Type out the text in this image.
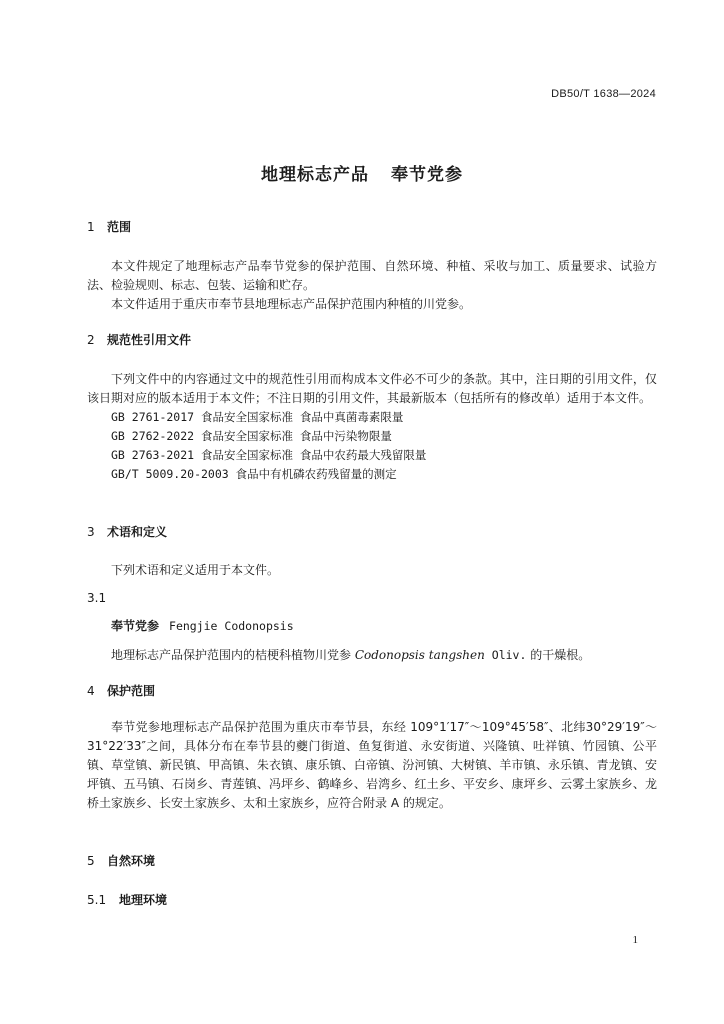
DB50/T 1638—2024
地理标志产品 奉节党参
1 范围
本文件规定了地理标志产品奉节党参的保护范围、自然环境、种植、采收与加工、质量要求、试验方法、检验规则、标志、包装、运输和贮存。
本文件适用于重庆市奉节县地理标志产品保护范围内种植的川党参。
2 规范性引用文件
下列文件中的内容通过文中的规范性引用而构成本文件必不可少的条款。其中，注日期的引用文件，仅该日期对应的版本适用于本文件；不注日期的引用文件，其最新版本（包括所有的修改单）适用于本文件。
GB 2761-2017 食品安全国家标准 食品中真菌毒素限量
GB 2762-2022 食品安全国家标准 食品中污染物限量
GB 2763-2021 食品安全国家标准 食品中农药最大残留限量
GB/T 5009.20-2003 食品中有机磷农药残留量的测定
3 术语和定义
下列术语和定义适用于本文件。
3.1
奉节党参 Fengjie Codonopsis
地理标志产品保护范围内的桔梗科植物川党参 Codonopsis tangshen Oliv. 的干燥根。
4 保护范围
奉节党参地理标志产品保护范围为重庆市奉节县，东经 109°1′17″～109°45′58″、北纬30°29′19″～31°22′33″之间，具体分布在奉节县的夔门街道、鱼复街道、永安街道、兴隆镇、吐祥镇、竹园镇、公平镇、草堂镇、新民镇、甲高镇、朱衣镇、康乐镇、白帝镇、汾河镇、大树镇、羊市镇、永乐镇、青龙镇、安坪镇、五马镇、石岗乡、青莲镇、冯坪乡、鹤峰乡、岩湾乡、红土乡、平安乡、康坪乡、云雾土家族乡、龙桥土家族乡、长安土家族乡、太和土家族乡，应符合附录 A 的规定。
5 自然环境
5.1 地理环境
1
